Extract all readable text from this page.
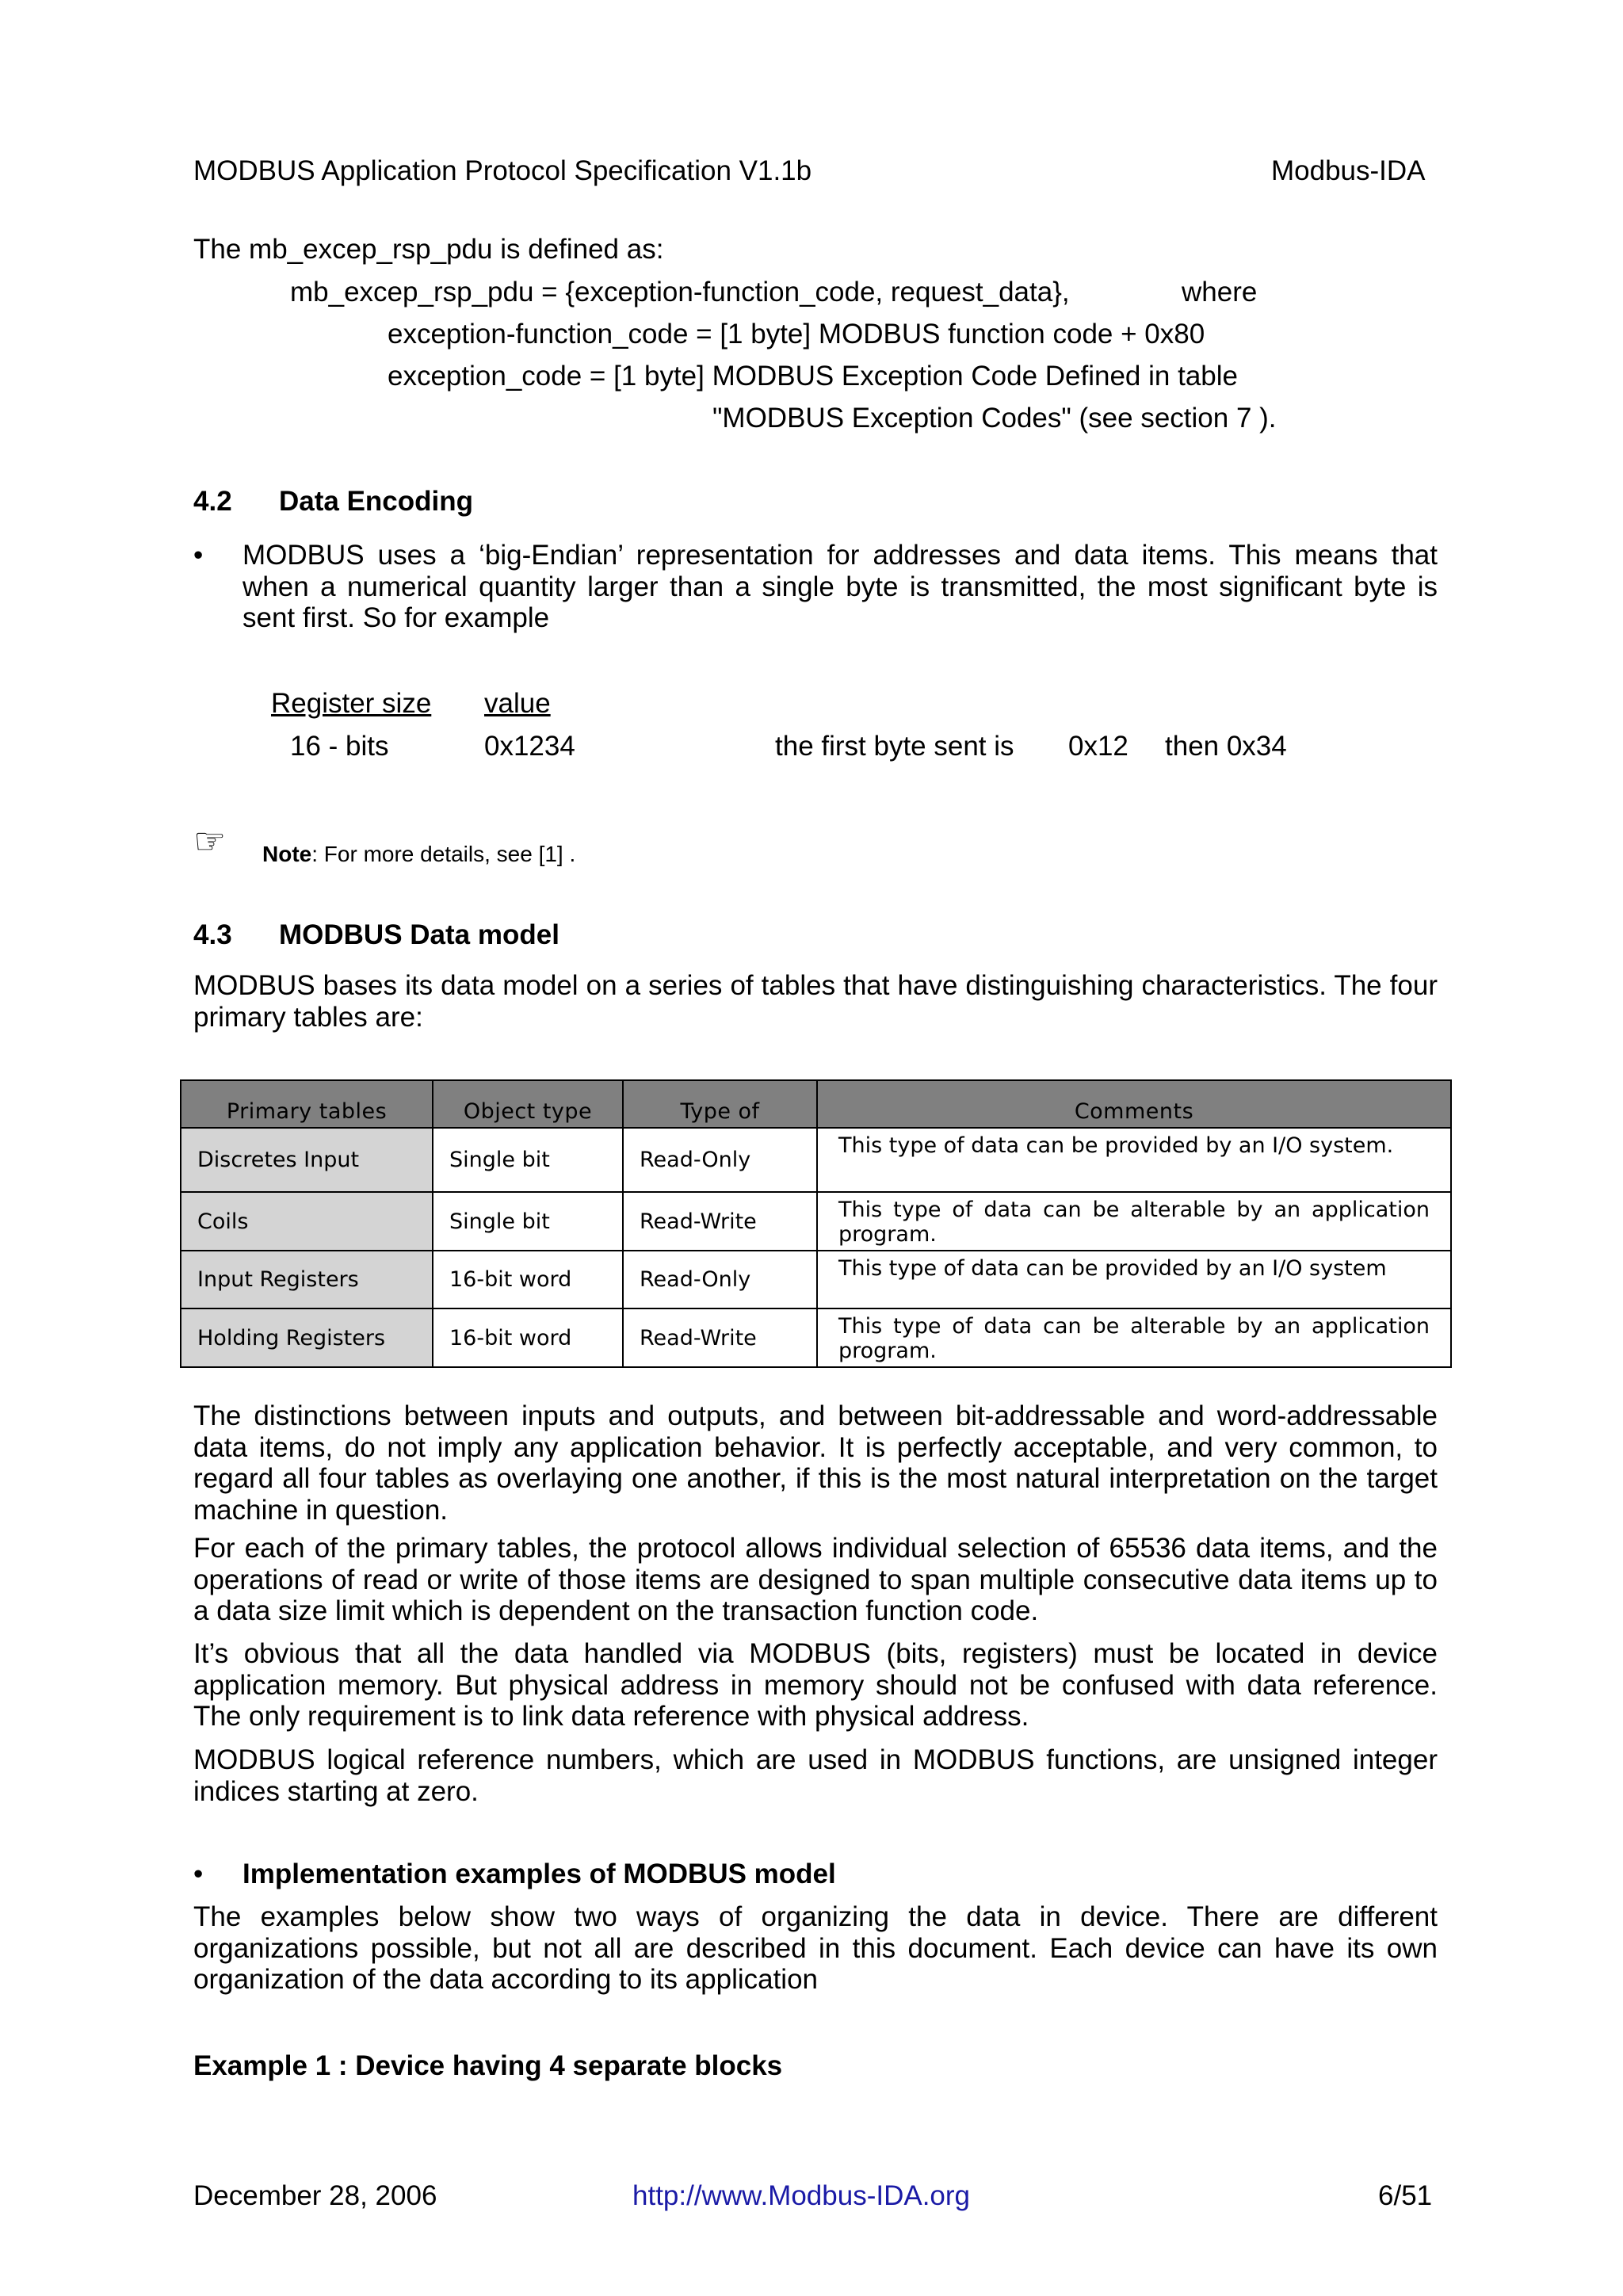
MODBUS Application Protocol Specification V1.1b	Modbus-IDA
The mb_excep_rsp_pdu is defined as:
mb_excep_rsp_pdu = {exception-function_code, request_data},	where
exception-function_code = [1 byte] MODBUS function code + 0x80
exception_code = [1 byte] MODBUS Exception Code Defined in table
"MODBUS Exception Codes" (see section 7 ).
4.2 Data Encoding
• MODBUS uses a ‘big-Endian’ representation for addresses and data items. This means that when a numerical quantity larger than a single byte is transmitted, the most significant byte is sent first. So for example
Register size value
16 - bits	0x1234	the first byte sent is 0x12 then 0x34
☞ Note: For more details, see [1] .
4.3 MODBUS Data model
MODBUS bases its data model on a series of tables that have distinguishing characteristics. The four primary tables are:
Primary tables	Object type	Type of	Comments
Discretes Input	Single bit	Read-Only	This type of data can be provided by an I/O system.
Coils	Single bit	Read-Write	This type of data can be alterable by an application program.
Input Registers	16-bit word	Read-Only	This type of data can be provided by an I/O system
Holding Registers	16-bit word	Read-Write	This type of data can be alterable by an application program.
The distinctions between inputs and outputs, and between bit-addressable and word-addressable data items, do not imply any application behavior. It is perfectly acceptable, and very common, to regard all four tables as overlaying one another, if this is the most natural interpretation on the target machine in question.
For each of the primary tables, the protocol allows individual selection of 65536 data items, and the operations of read or write of those items are designed to span multiple consecutive data items up to a data size limit which is dependent on the transaction function code.
It’s obvious that all the data handled via MODBUS (bits, registers) must be located in device application memory. But physical address in memory should not be confused with data reference. The only requirement is to link data reference with physical address.
MODBUS logical reference numbers, which are used in MODBUS functions, are unsigned integer indices starting at zero.
• Implementation examples of MODBUS model
The examples below show two ways of organizing the data in device. There are different organizations possible, but not all are described in this document. Each device can have its own organization of the data according to its application
Example 1 : Device having 4 separate blocks
December 28, 2006	http://www.Modbus-IDA.org	6/51
